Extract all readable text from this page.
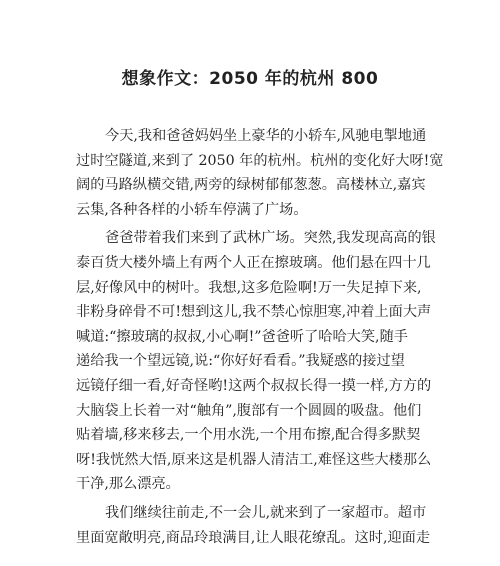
想象作文：2050 年的杭州 800
今天,我和爸爸妈妈坐上豪华的小轿车,风驰电掣地通
过时空隧道,来到了 2050 年的杭州。杭州的变化好大呀!宽
阔的马路纵横交错,两旁的绿树郁郁葱葱。高楼林立,嘉宾
云集,各种各样的小轿车停满了广场。
爸爸带着我们来到了武林广场。突然,我发现高高的银
泰百货大楼外墙上有两个人正在擦玻璃。他们悬在四十几
层,好像风中的树叶。我想,这多危险啊!万一失足掉下来,
非粉身碎骨不可!想到这儿,我不禁心惊胆寒,冲着上面大声
喊道:“擦玻璃的叔叔,小心啊!”爸爸听了哈哈大笑,随手
递给我一个望远镜,说:“你好好看看。”我疑惑的接过望
远镜仔细一看,好奇怪哟!这两个叔叔长得一摸一样,方方的
大脑袋上长着一对“触角”,腹部有一个圆圆的吸盘。他们
贴着墙,移来移去,一个用水洗,一个用布擦,配合得多默契
呀!我恍然大悟,原来这是机器人清洁工,难怪这些大楼那么
干净,那么漂亮。
我们继续往前走,不一会儿,就来到了一家超市。超市
里面宽敞明亮,商品玲琅满目,让人眼花缭乱。这时,迎面走
